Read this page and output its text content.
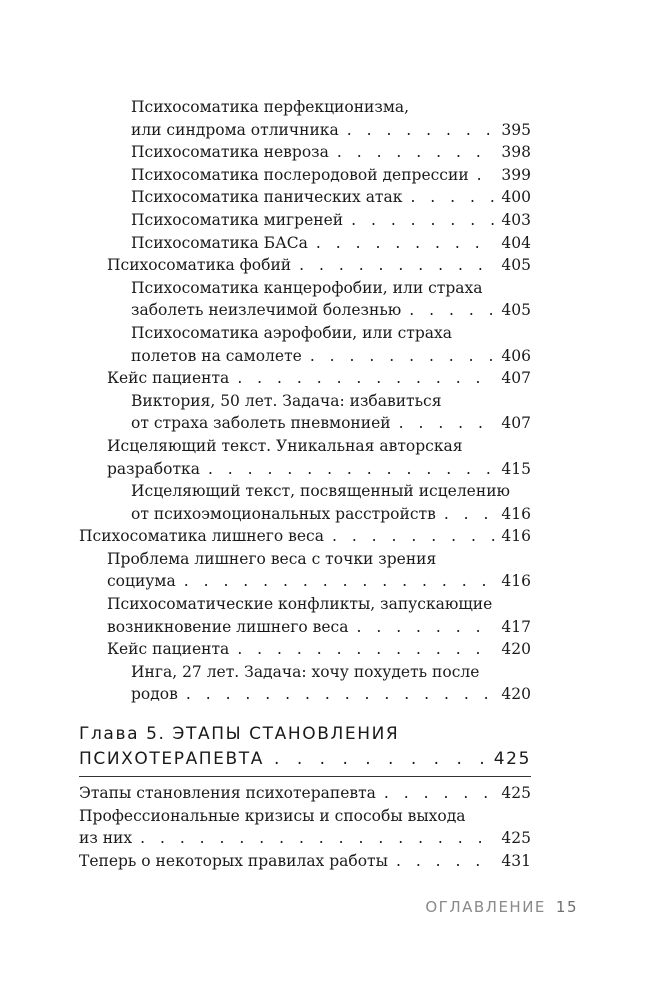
Психосоматика перфекционизма,
или синдрома отличника . . .	395
Психосоматика невроза . . .	398
Психосоматика послеродовой депрессии . . . 399
Психосоматика панических атак . . .	400
Психосоматика мигреней . . .	403
Психосоматика БАСа . . .	404
Психосоматика фобий . . .	405
Психосоматика канцерофобии, или страха
заболеть неизлечимой болезнью . . .	405
Психосоматика аэрофобии, или страха
полетов на самолете . . .	406
Кейс пациента . . .	407
Виктория, 50 лет. Задача: избавиться
от страха заболеть пневмонией . . .	407
Исцеляющий текст. Уникальная авторская
разработка . . .	415
Исцеляющий текст, посвященный исцелению
от психоэмоциональных расстройств . . .	416
Психосоматика лишнего веса . . .	416
Проблема лишнего веса с точки зрения
социума . . .	416
Психосоматические конфликты, запускающие
возникновение лишнего веса . . .	417
Кейс пациента . . .	420
Инга, 27 лет. Задача: хочу похудеть после
родов . . .	420
Глава 5. ЭТАПЫ СТАНОВЛЕНИЯ
ПСИХОТЕРАПЕВТА . . .	425
Этапы становления психотерапевта . . .	425
Профессиональные кризисы и способы выхода
из них . . .	425
Теперь о некоторых правилах работы . . .	431
ОГЛАВЛЕНИЕ 15
